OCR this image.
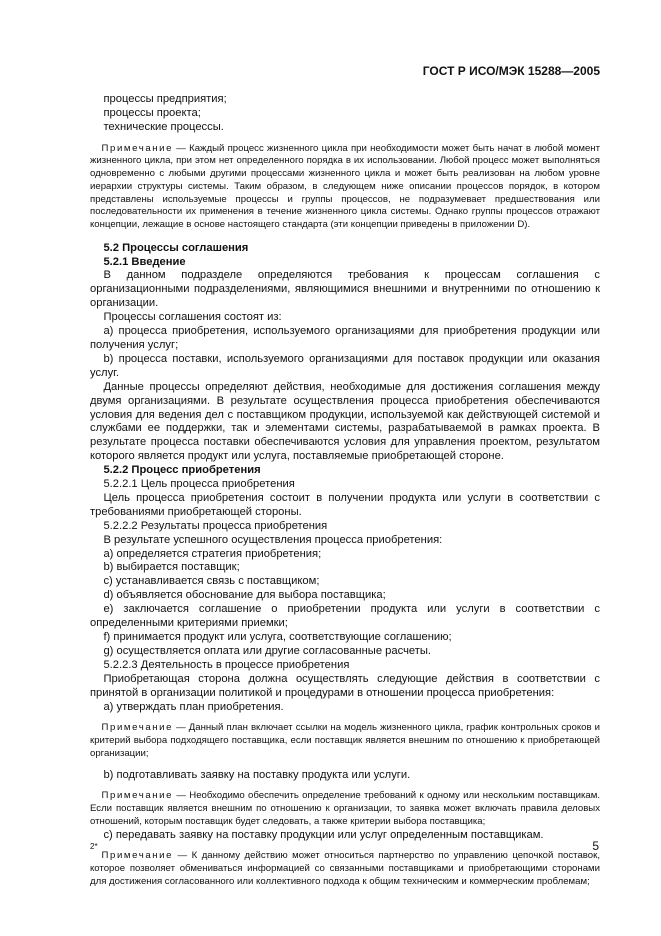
ГОСТ Р ИСО/МЭК 15288—2005

процессы предприятия;

процессы проекта;

технические процессы.

Примечание — Каждый процесс жизненного цикла при необходимости может быть начат в любой момент жизненного цикла, при этом нет определенного порядка в их использовании. Любой процесс может выполняться одновременно с любыми другими процессами жизненного цикла и может быть реализован на любом уровне иерархии структуры системы. Таким образом, в следующем ниже описании процессов порядок, в котором представлены используемые процессы и группы процессов, не подразумевает предшествования или последовательности их применения в течение жизненного цикла системы. Однако группы процессов отражают концепции, лежащие в основе настоящего стандарта (эти концепции приведены в приложении D).

5.2 Процессы соглашения

5.2.1 Введение

В данном подразделе определяются требования к процессам соглашения с организационными подразделениями, являющимися внешними и внутренними по отношению к организации.

Процессы соглашения состоят из:

a) процесса приобретения, используемого организациями для приобретения продукции или получения услуг;

b) процесса поставки, используемого организациями для поставок продукции или оказания услуг.

Данные процессы определяют действия, необходимые для достижения соглашения между двумя организациями. В результате осуществления процесса приобретения обеспечиваются условия для ведения дел с поставщиком продукции, используемой как действующей системой и службами ее поддержки, так и элементами системы, разрабатываемой в рамках проекта. В результате процесса поставки обеспечиваются условия для управления проектом, результатом которого является продукт или услуга, поставляемые приобретающей стороне.

5.2.2 Процесс приобретения

5.2.2.1 Цель процесса приобретения

Цель процесса приобретения состоит в получении продукта или услуги в соответствии с требованиями приобретающей стороны.

5.2.2.2 Результаты процесса приобретения

В результате успешного осуществления процесса приобретения:

a) определяется стратегия приобретения;

b) выбирается поставщик;

c) устанавливается связь с поставщиком;

d) объявляется обоснование для выбора поставщика;

e) заключается соглашение о приобретении продукта или услуги в соответствии с определенными критериями приемки;

f) принимается продукт или услуга, соответствующие соглашению;

g) осуществляется оплата или другие согласованные расчеты.

5.2.2.3 Деятельность в процессе приобретения

Приобретающая сторона должна осуществлять следующие действия в соответствии с принятой в организации политикой и процедурами в отношении процесса приобретения:

a) утверждать план приобретения.

Примечание — Данный план включает ссылки на модель жизненного цикла, график контрольных сроков и критерий выбора подходящего поставщика, если поставщик является внешним по отношению к приобретающей организации;

b) подготавливать заявку на поставку продукта или услуги.

Примечание — Необходимо обеспечить определение требований к одному или нескольким поставщикам. Если поставщик является внешним по отношению к организации, то заявка может включать правила деловых отношений, которым поставщик будет следовать, а также критерии выбора поставщика;

c) передавать заявку на поставку продукции или услуг определенным поставщикам.

Примечание — К данному действию может относиться партнерство по управлению цепочкой поставок, которое позволяет обмениваться информацией со связанными поставщиками и приобретающими сторонами для достижения согласованного или коллективного подхода к общим техническим и коммерческим проблемам;

2*	5
